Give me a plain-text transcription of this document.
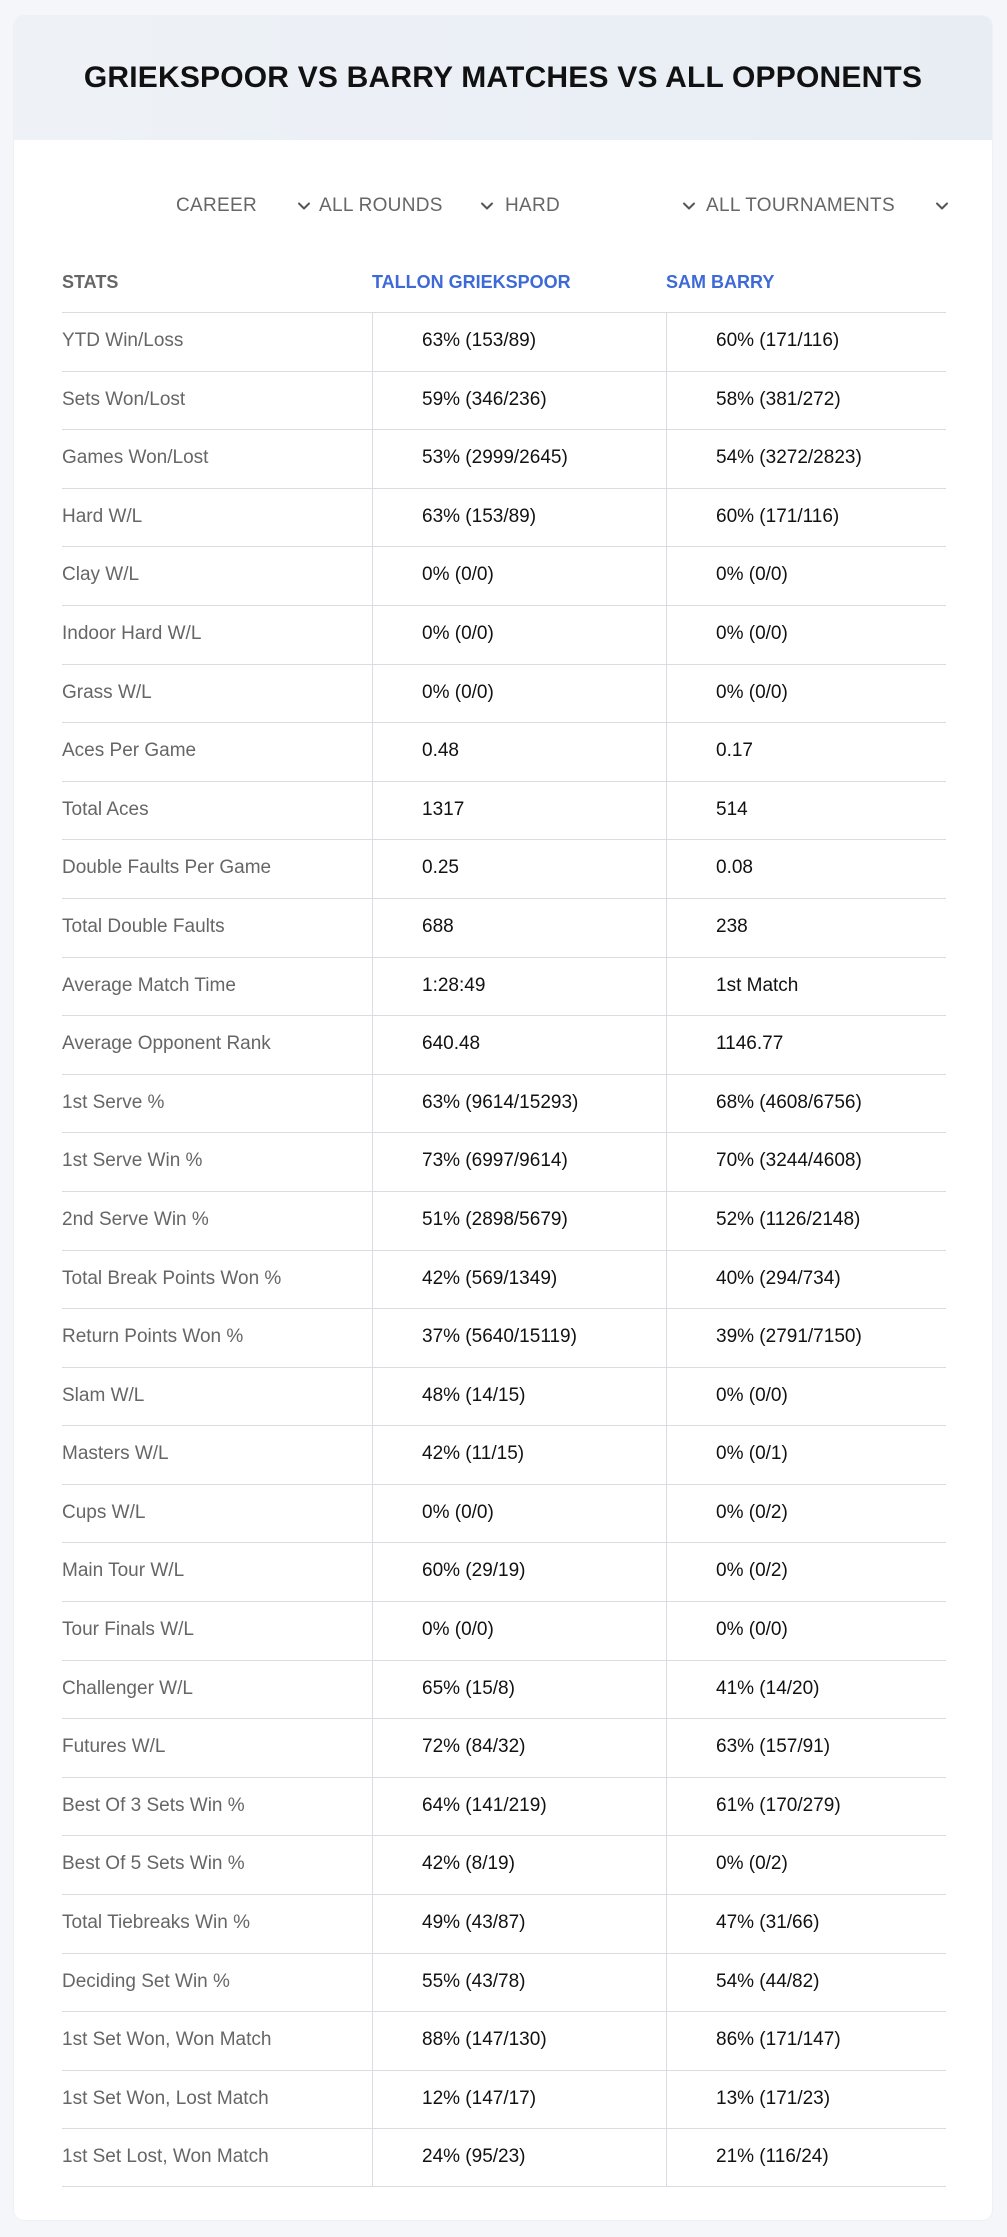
GRIEKSPOOR VS BARRY MATCHES VS ALL OPPONENTS
CAREER	ALL ROUNDS	HARD	ALL TOURNAMENTS
STATS	TALLON GRIEKSPOOR	SAM BARRY
YTD Win/Loss	63% (153/89)	60% (171/116)
Sets Won/Lost	59% (346/236)	58% (381/272)
Games Won/Lost	53% (2999/2645)	54% (3272/2823)
Hard W/L	63% (153/89)	60% (171/116)
Clay W/L	0% (0/0)	0% (0/0)
Indoor Hard W/L	0% (0/0)	0% (0/0)
Grass W/L	0% (0/0)	0% (0/0)
Aces Per Game	0.48	0.17
Total Aces	1317	514
Double Faults Per Game	0.25	0.08
Total Double Faults	688	238
Average Match Time	1:28:49	1st Match
Average Opponent Rank	640.48	1146.77
1st Serve %	63% (9614/15293)	68% (4608/6756)
1st Serve Win %	73% (6997/9614)	70% (3244/4608)
2nd Serve Win %	51% (2898/5679)	52% (1126/2148)
Total Break Points Won %	42% (569/1349)	40% (294/734)
Return Points Won %	37% (5640/15119)	39% (2791/7150)
Slam W/L	48% (14/15)	0% (0/0)
Masters W/L	42% (11/15)	0% (0/1)
Cups W/L	0% (0/0)	0% (0/2)
Main Tour W/L	60% (29/19)	0% (0/2)
Tour Finals W/L	0% (0/0)	0% (0/0)
Challenger W/L	65% (15/8)	41% (14/20)
Futures W/L	72% (84/32)	63% (157/91)
Best Of 3 Sets Win %	64% (141/219)	61% (170/279)
Best Of 5 Sets Win %	42% (8/19)	0% (0/2)
Total Tiebreaks Win %	49% (43/87)	47% (31/66)
Deciding Set Win %	55% (43/78)	54% (44/82)
1st Set Won, Won Match	88% (147/130)	86% (171/147)
1st Set Won, Lost Match	12% (147/17)	13% (171/23)
1st Set Lost, Won Match	24% (95/23)	21% (116/24)
